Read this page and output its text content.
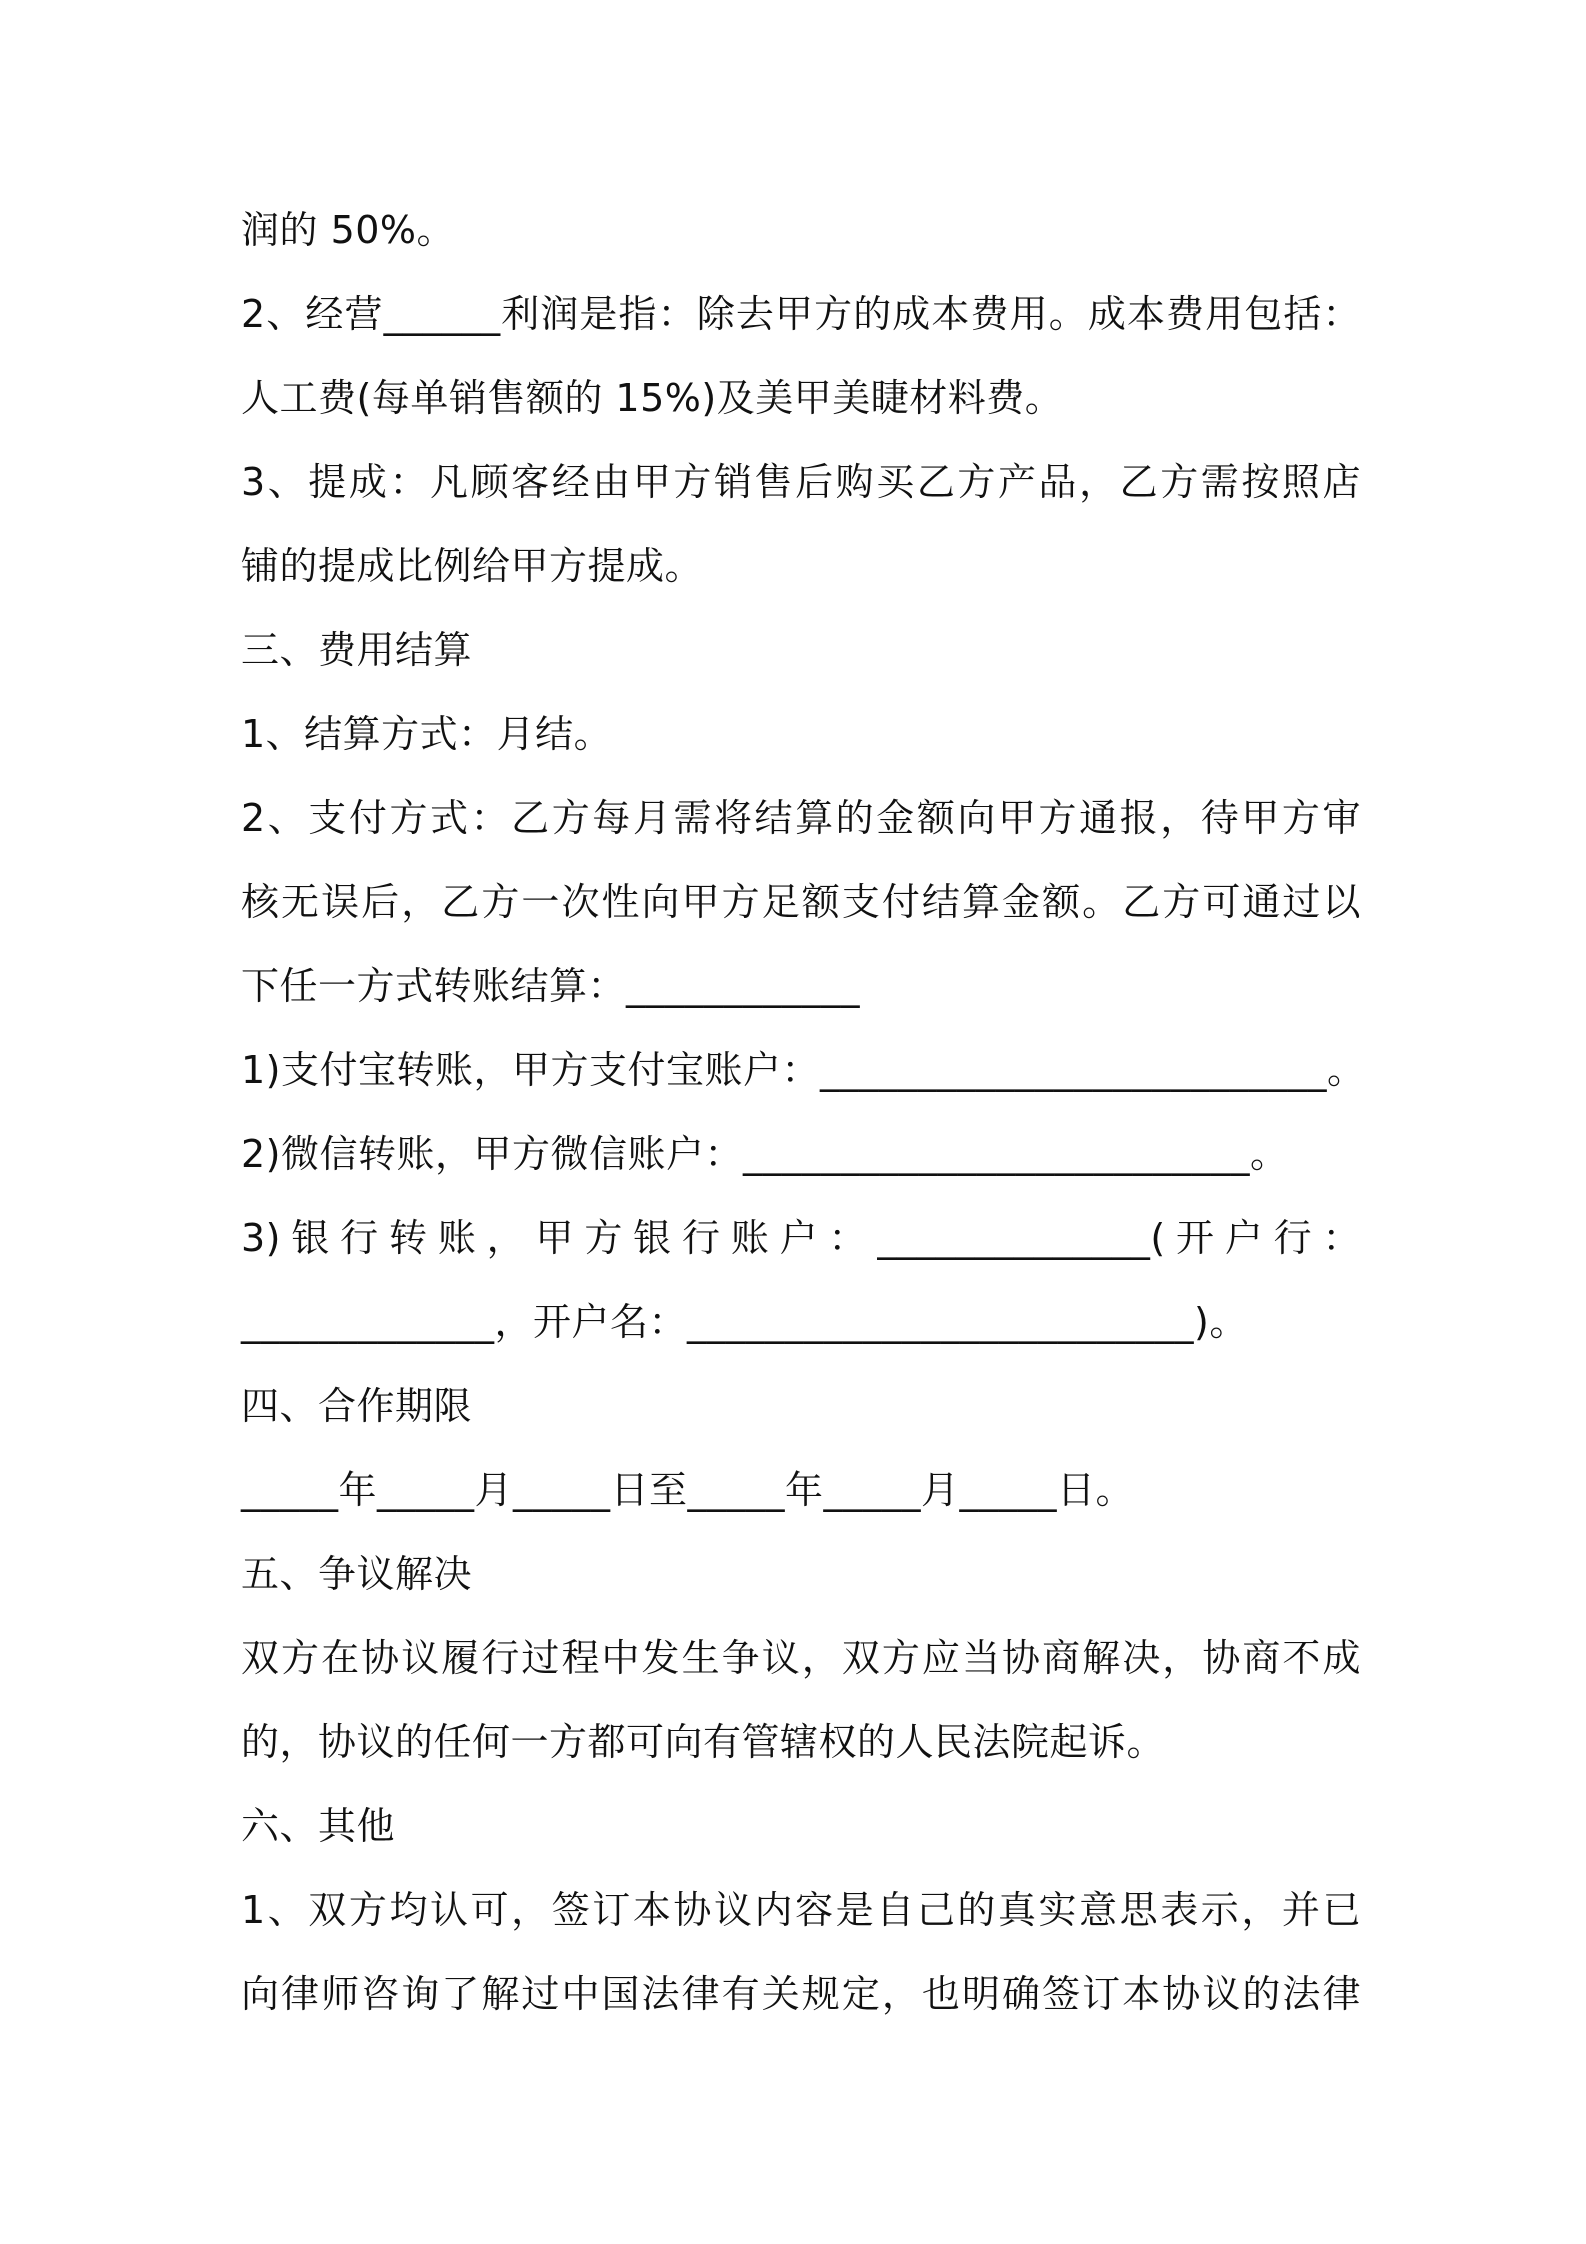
润的 50%。
2、经营______利润是指：除去甲方的成本费用。成本费用包括：
人工费(每单销售额的 15%)及美甲美睫材料费。
3、提成：凡顾客经由甲方销售后购买乙方产品，乙方需按照店
铺的提成比例给甲方提成。
三、费用结算
1、结算方式：月结。
2、支付方式：乙方每月需将结算的金额向甲方通报，待甲方审
核无误后，乙方一次性向甲方足额支付结算金额。乙方可通过以
下任一方式转账结算：____________
1)支付宝转账，甲方支付宝账户：__________________________。
2)微信转账，甲方微信账户：__________________________。
3)银行转账，甲方银行账户：______________(开户行：
_____________，开户名：__________________________)。
四、合作期限
_____年_____月_____日至_____年_____月_____日。
五、争议解决
双方在协议履行过程中发生争议，双方应当协商解决，协商不成
的，协议的任何一方都可向有管辖权的人民法院起诉。
六、其他
1、双方均认可，签订本协议内容是自己的真实意思表示，并已
向律师咨询了解过中国法律有关规定，也明确签订本协议的法律
